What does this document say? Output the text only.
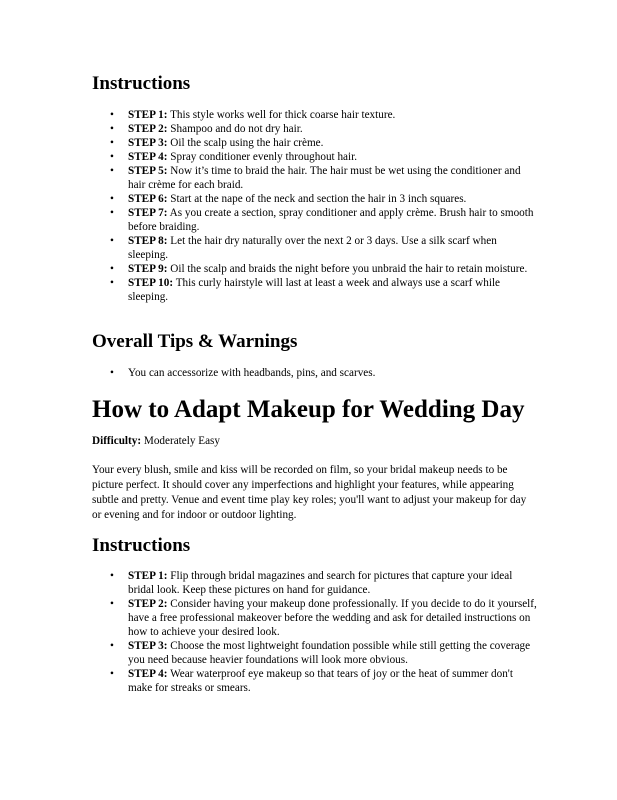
Instructions
• STEP 1: This style works well for thick coarse hair texture.
• STEP 2: Shampoo and do not dry hair.
• STEP 3: Oil the scalp using the hair crème.
• STEP 4: Spray conditioner evenly throughout hair.
• STEP 5: Now it’s time to braid the hair. The hair must be wet using the conditioner and hair crème for each braid.
• STEP 6: Start at the nape of the neck and section the hair in 3 inch squares.
• STEP 7: As you create a section, spray conditioner and apply crème. Brush hair to smooth before braiding.
• STEP 8: Let the hair dry naturally over the next 2 or 3 days. Use a silk scarf when sleeping.
• STEP 9: Oil the scalp and braids the night before you unbraid the hair to retain moisture.
• STEP 10: This curly hairstyle will last at least a week and always use a scarf while sleeping.
Overall Tips & Warnings
• You can accessorize with headbands, pins, and scarves.
How to Adapt Makeup for Wedding Day

Difficulty: Moderately Easy

Your every blush, smile and kiss will be recorded on film, so your bridal makeup needs to be picture perfect. It should cover any imperfections and highlight your features, while appearing subtle and pretty. Venue and event time play key roles; you'll want to adjust your makeup for day or evening and for indoor or outdoor lighting.

Instructions
• STEP 1: Flip through bridal magazines and search for pictures that capture your ideal bridal look. Keep these pictures on hand for guidance.
• STEP 2: Consider having your makeup done professionally. If you decide to do it yourself, have a free professional makeover before the wedding and ask for detailed instructions on how to achieve your desired look.
• STEP 3: Choose the most lightweight foundation possible while still getting the coverage you need because heavier foundations will look more obvious.
• STEP 4: Wear waterproof eye makeup so that tears of joy or the heat of summer don't make for streaks or smears.
